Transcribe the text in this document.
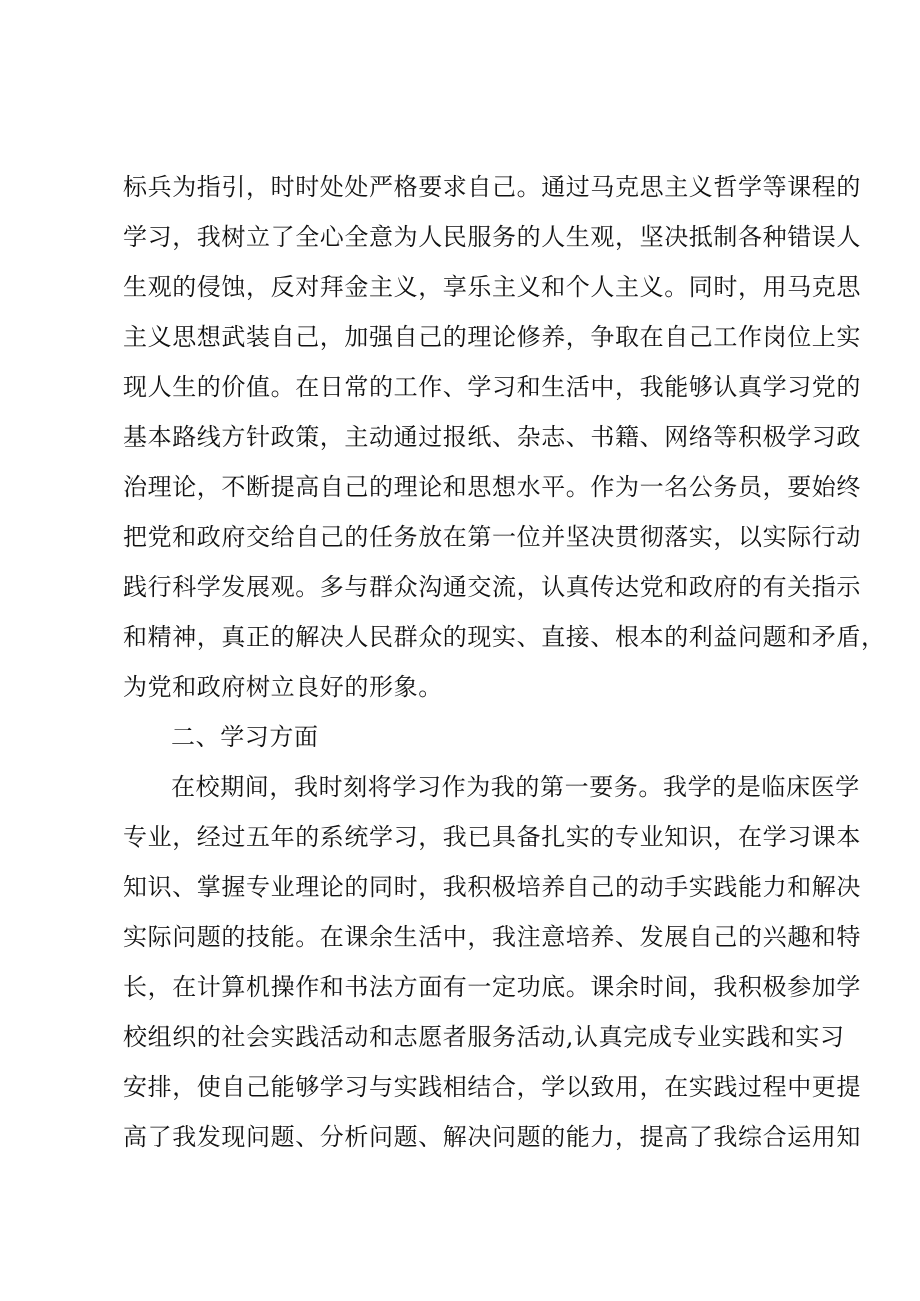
标兵为指引，时时处处严格要求自己。通过马克思主义哲学等课程的
学习，我树立了全心全意为人民服务的人生观，坚决抵制各种错误人
生观的侵蚀，反对拜金主义，享乐主义和个人主义。同时，用马克思
主义思想武装自己，加强自己的理论修养，争取在自己工作岗位上实
现人生的价值。在日常的工作、学习和生活中，我能够认真学习党的
基本路线方针政策，主动通过报纸、杂志、书籍、网络等积极学习政
治理论，不断提高自己的理论和思想水平。作为一名公务员，要始终
把党和政府交给自己的任务放在第一位并坚决贯彻落实，以实际行动
践行科学发展观。多与群众沟通交流，认真传达党和政府的有关指示
和精神，真正的解决人民群众的现实、直接、根本的利益问题和矛盾，
为党和政府树立良好的形象。
二、学习方面
在校期间，我时刻将学习作为我的第一要务。我学的是临床医学
专业，经过五年的系统学习，我已具备扎实的专业知识，在学习课本
知识、掌握专业理论的同时，我积极培养自己的动手实践能力和解决
实际问题的技能。在课余生活中，我注意培养、发展自己的兴趣和特
长，在计算机操作和书法方面有一定功底。课余时间，我积极参加学
校组织的社会实践活动和志愿者服务活动,认真完成专业实践和实习
安排，使自己能够学习与实践相结合，学以致用，在实践过程中更提
高了我发现问题、分析问题、解决问题的能力，提高了我综合运用知
